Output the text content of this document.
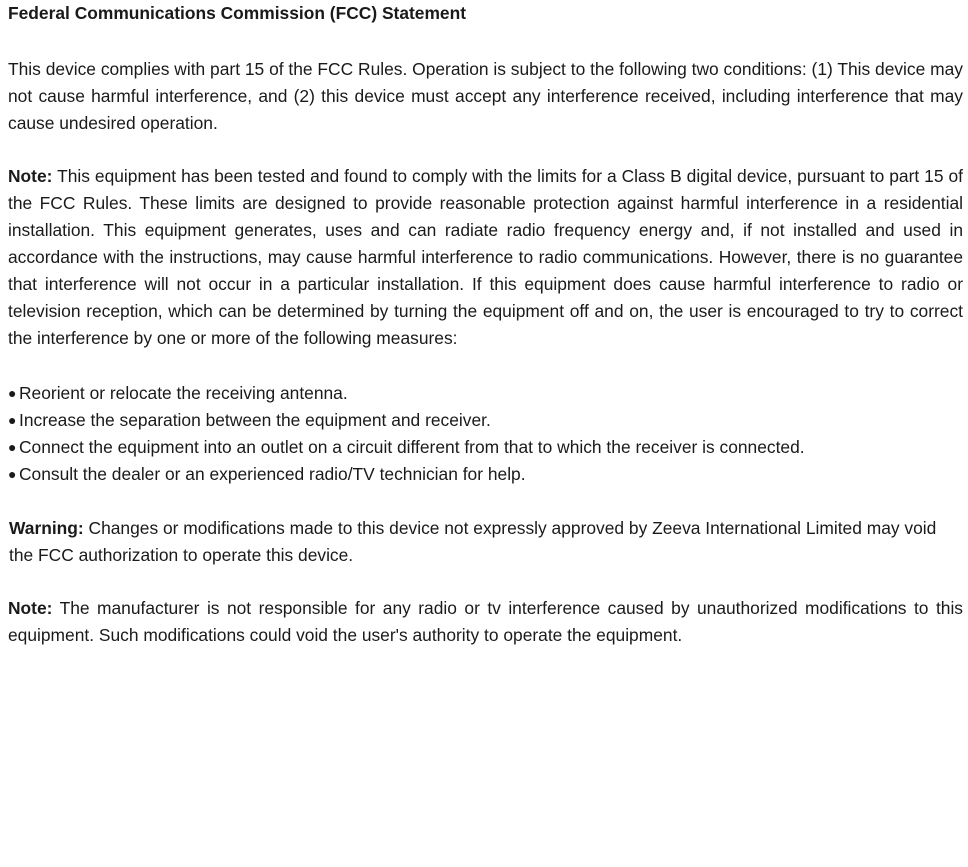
Federal Communications Commission (FCC) Statement

This device complies with part 15 of the FCC Rules. Operation is subject to the following two conditions: (1) This device may not cause harmful interference, and (2) this device must accept any interference received, including interference that may cause undesired operation.

Note: This equipment has been tested and found to comply with the limits for a Class B digital device, pursuant to part 15 of the FCC Rules. These limits are designed to provide reasonable protection against harmful interference in a residential installation. This equipment generates, uses and can radiate radio frequency energy and, if not installed and used in accordance with the instructions, may cause harmful interference to radio communications. However, there is no guarantee that interference will not occur in a particular installation. If this equipment does cause harmful interference to radio or television reception, which can be determined by turning the equipment off and on, the user is encouraged to try to correct the interference by one or more of the following measures:

● Reorient or relocate the receiving antenna.
● Increase the separation between the equipment and receiver.
● Connect the equipment into an outlet on a circuit different from that to which the receiver is connected.
● Consult the dealer or an experienced radio/TV technician for help.

Warning: Changes or modifications made to this device not expressly approved by Zeeva International Limited may void the FCC authorization to operate this device.

Note: The manufacturer is not responsible for any radio or tv interference caused by unauthorized modifications to this equipment. Such modifications could void the user's authority to operate the equipment.
